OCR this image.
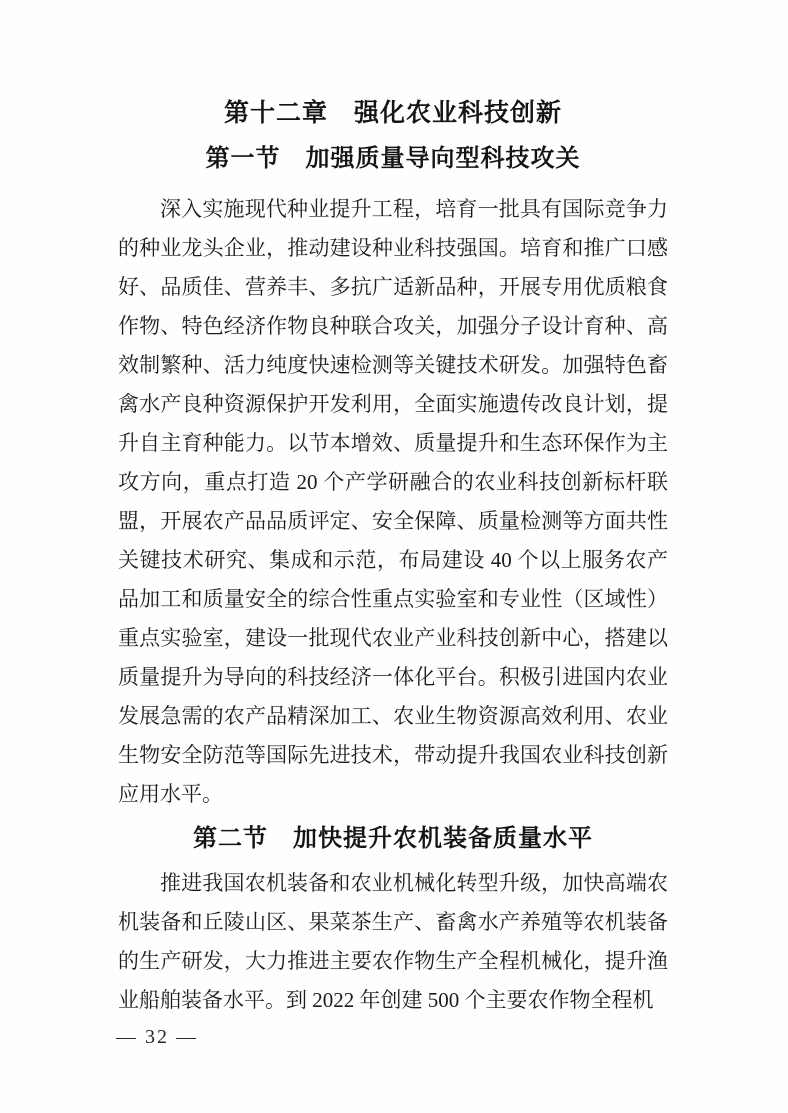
第十二章　强化农业科技创新
第一节　加强质量导向型科技攻关

深入实施现代种业提升工程，培育一批具有国际竞争力的种业龙头企业，推动建设种业科技强国。培育和推广口感好、品质佳、营养丰、多抗广适新品种，开展专用优质粮食作物、特色经济作物良种联合攻关，加强分子设计育种、高效制繁种、活力纯度快速检测等关键技术研发。加强特色畜禽水产良种资源保护开发利用，全面实施遗传改良计划，提升自主育种能力。以节本增效、质量提升和生态环保作为主攻方向，重点打造 20 个产学研融合的农业科技创新标杆联盟，开展农产品品质评定、安全保障、质量检测等方面共性关键技术研究、集成和示范，布局建设 40 个以上服务农产品加工和质量安全的综合性重点实验室和专业性（区域性）重点实验室，建设一批现代农业产业科技创新中心，搭建以质量提升为导向的科技经济一体化平台。积极引进国内农业发展急需的农产品精深加工、农业生物资源高效利用、农业生物安全防范等国际先进技术，带动提升我国农业科技创新应用水平。

第二节　加快提升农机装备质量水平

推进我国农机装备和农业机械化转型升级，加快高端农机装备和丘陵山区、果菜茶生产、畜禽水产养殖等农机装备的生产研发，大力推进主要农作物生产全程机械化，提升渔业船舶装备水平。到 2022 年创建 500 个主要农作物全程机

— 32 —
